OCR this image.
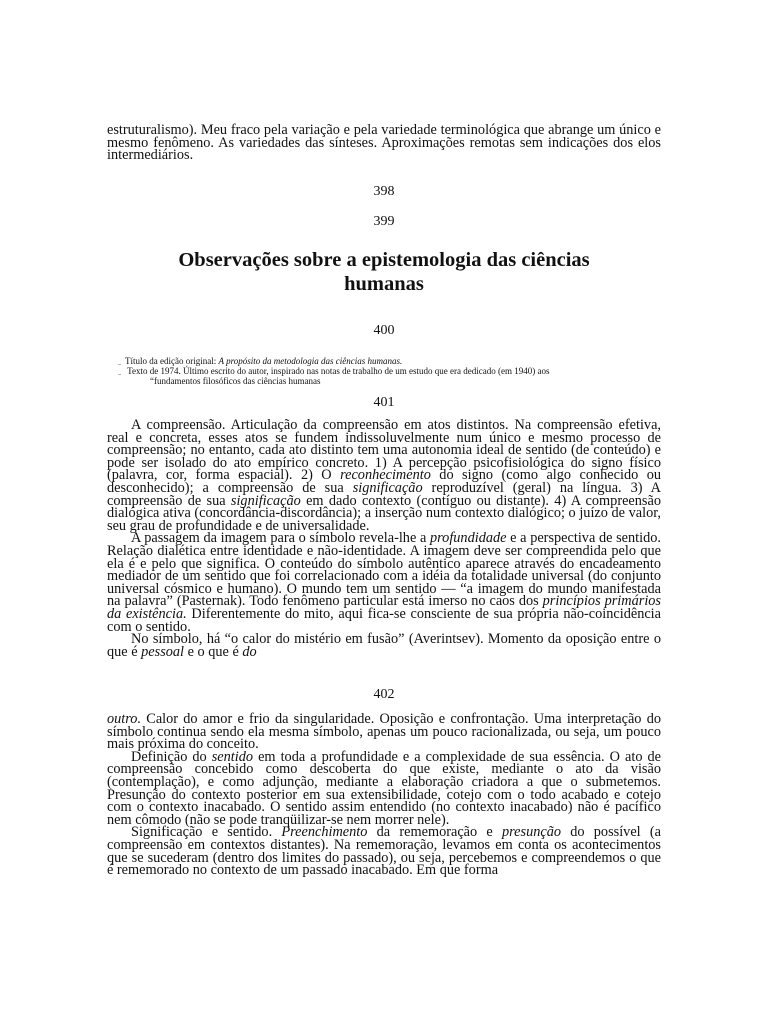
estruturalismo). Meu fraco pela variação e pela variedade terminológica que abrange um único e mesmo fenômeno. As variedades das sínteses. Aproximações remotas sem indicações dos elos intermediários.

398
399
Observações sobre a epistemologia das ciências
humanas
400
_ Título da edição original: A propósito da metodologia das ciências humanas.
_ Texto de 1974. Último escrito do autor, inspirado nas notas de trabalho de um estudo que era dedicado (em 1940) aos
“fundamentos filosóficos das ciências humanas
401

A compreensão. Articulação da compreensão em atos distintos. Na compreensão efetiva, real e concreta, esses atos se fundem indissoluvelmente num único e mesmo processo de compreensão; no entanto, cada ato distinto tem uma autonomia ideal de sentido (de conteúdo) e pode ser isolado do ato empírico concreto. 1) A percepção psicofisiológica do signo físico (palavra, cor, forma espacial). 2) O reconhecimento do signo (como algo conhecido ou desconhecido); a compreensão de sua significação reproduzível (geral) na língua. 3) A compreensão de sua significação em dado contexto (contíguo ou distante). 4) A compreensão dialógica ativa (concordância-discordância); a inserção num contexto dialógico; o juízo de valor, seu grau de profundidade e de universalidade.

A passagem da imagem para o símbolo revela-lhe a profundidade e a perspectiva de sentido. Relação dialética entre identidade e não-identidade. A imagem deve ser compreendida pelo que ela é e pelo que significa. O conteúdo do símbolo autêntico aparece através do encadeamento mediador de um sentido que foi correlacionado com a idéia da totalidade universal (do conjunto universal cósmico e humano). O mundo tem um sentido — “a imagem do mundo manifestada na palavra” (Pasternak). Todo fenômeno particular está imerso no caos dos princípios primários da existência. Diferentemente do mito, aqui fica-se consciente de sua própria não-coincidência com o sentido.

No símbolo, há “o calor do mistério em fusão” (Averintsev). Momento da oposição entre o que é pessoal e o que é do

402

outro. Calor do amor e frio da singularidade. Oposição e confrontação. Uma interpretação do símbolo continua sendo ela mesma símbolo, apenas um pouco racionalizada, ou seja, um pouco mais próxima do conceito.

Definição do sentido em toda a profundidade e a complexidade de sua essência. O ato de compreensão concebido como descoberta do que existe, mediante o ato da visão (contemplação), e como adjunção, mediante a elaboração criadora a que o submetemos. Presunção do contexto posterior em sua extensibilidade, cotejo com o todo acabado e cotejo com o contexto inacabado. O sentido assim entendido (no contexto inacabado) não é pacífico nem cômodo (não se pode tranqüilizar-se nem morrer nele).

Significação e sentido. Preenchimento da rememoração e presunção do possível (a compreensão em contextos distantes). Na rememoração, levamos em conta os acontecimentos que se sucederam (dentro dos limites do passado), ou seja, percebemos e compreendemos o que é rememorado no contexto de um passado inacabado. Em que forma
